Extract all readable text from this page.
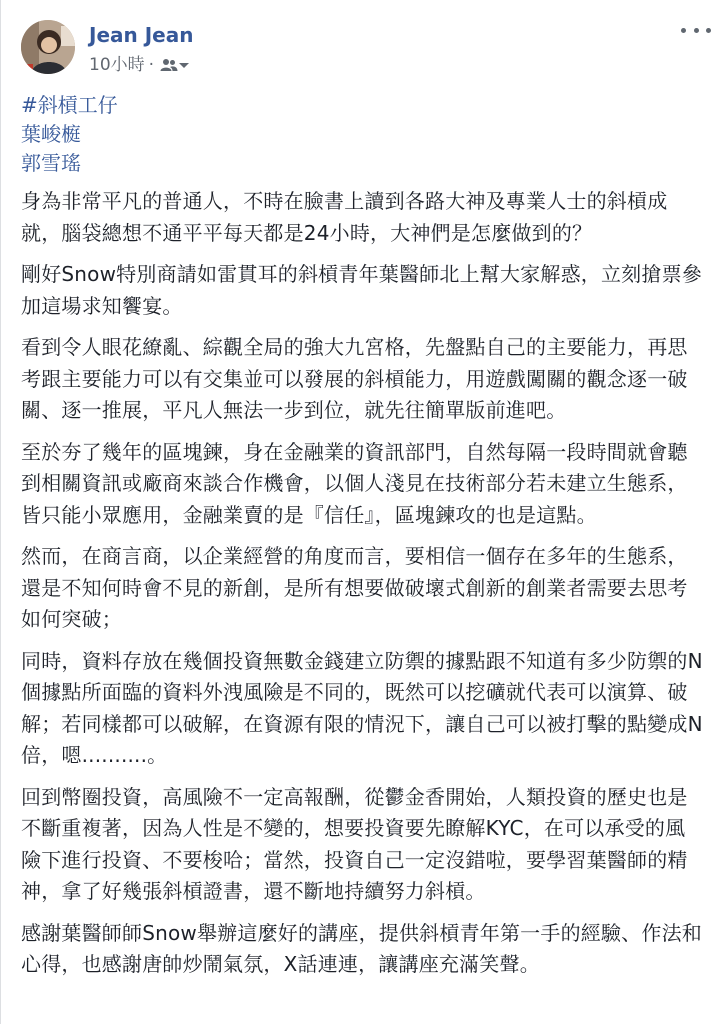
Jean Jean
10小時 ·
#斜槓工仔
葉峻榳
郭雪瑤

身為非常平凡的普通人，不時在臉書上讀到各路大神及專業人士的斜槓成就，腦袋總想不通平平每天都是24小時，大神們是怎麼做到的？

剛好Snow特別商請如雷貫耳的斜槓青年葉醫師北上幫大家解惑，立刻搶票參加這場求知饗宴。

看到令人眼花繚亂、綜觀全局的強大九宮格，先盤點自己的主要能力，再思考跟主要能力可以有交集並可以發展的斜槓能力，用遊戲闖關的觀念逐一破關、逐一推展，平凡人無法一步到位，就先往簡單版前進吧。

至於夯了幾年的區塊鍊，身在金融業的資訊部門，自然每隔一段時間就會聽到相關資訊或廠商來談合作機會，以個人淺見在技術部分若未建立生態系，皆只能小眾應用，金融業賣的是『信任』，區塊鍊攻的也是這點。

然而，在商言商，以企業經營的角度而言，要相信一個存在多年的生態系，還是不知何時會不見的新創，是所有想要做破壞式創新的創業者需要去思考如何突破；

同時，資料存放在幾個投資無數金錢建立防禦的據點跟不知道有多少防禦的N個據點所面臨的資料外洩風險是不同的，既然可以挖礦就代表可以演算、破解；若同樣都可以破解，在資源有限的情況下，讓自己可以被打擊的點變成N倍，嗯..........。

回到幣圈投資，高風險不一定高報酬，從鬱金香開始，人類投資的歷史也是不斷重複著，因為人性是不變的，想要投資要先瞭解KYC，在可以承受的風險下進行投資、不要梭哈；當然，投資自己一定沒錯啦，要學習葉醫師的精神，拿了好幾張斜槓證書，還不斷地持續努力斜槓。

感謝葉醫師師Snow舉辦這麼好的講座，提供斜槓青年第一手的經驗、作法和心得，也感謝唐帥炒鬧氣氛，X話連連，讓講座充滿笑聲。
